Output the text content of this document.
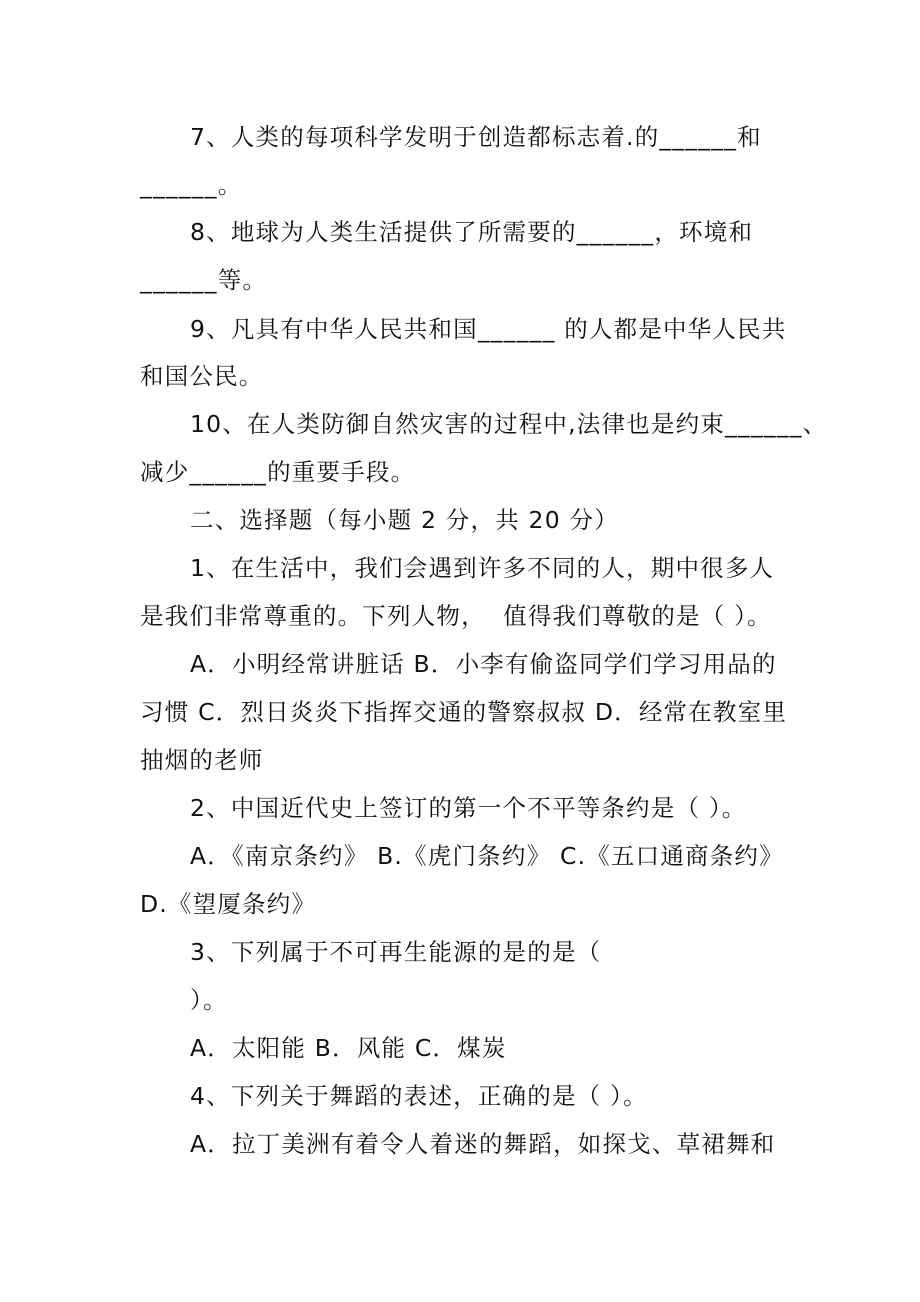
7、人类的每项科学发明于创造都标志着.的______和
______。
8、地球为人类生活提供了所需要的______，环境和
______等。
9、凡具有中华人民共和国______ 的人都是中华人民共
和国公民。
10、在人类防御自然灾害的过程中,法律也是约束______、
减少______的重要手段。
二、选择题（每小题 2 分，共 20 分）
1、在生活中，我们会遇到许多不同的人，期中很多人
是我们非常尊重的。下列人物，  值得我们尊敬的是（ ）。
A．小明经常讲脏话 B．小李有偷盗同学们学习用品的
习惯 C．烈日炎炎下指挥交通的警察叔叔 D．经常在教室里
抽烟的老师
2、中国近代史上签订的第一个不平等条约是（ ）。
A．《南京条约》 B.《虎门条约》 C.《五口通商条约》
D.《望厦条约》
3、下列属于不可再生能源的是的是（
）。
A．太阳能 B．风能 C．煤炭
4、下列关于舞蹈的表述，正确的是（ ）。
A．拉丁美洲有着令人着迷的舞蹈，如探戈、草裙舞和
